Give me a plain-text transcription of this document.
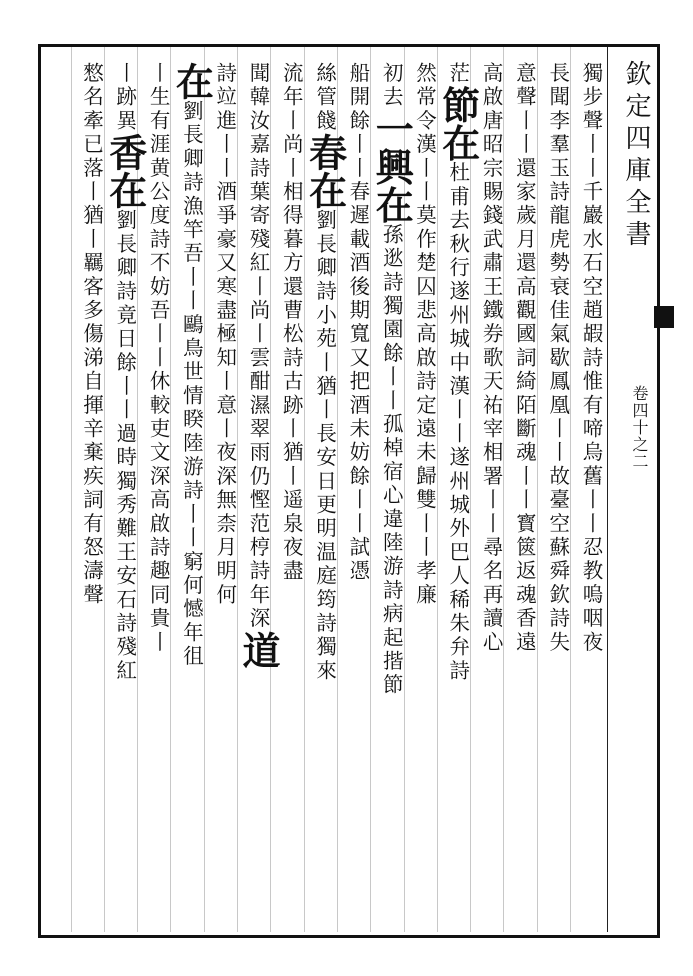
欽定四庫全書
卷四十之二
獨步聲丨丨千巖水石空趙嘏詩惟有啼烏舊丨丨忍教嗚咽夜
長聞李羣玉詩龍虎勢衰佳氣歇鳳凰丨丨故臺空蘇舜欽詩失
意聲丨丨還家歲月還高觀國詞綺陌斷魂丨丨寳篋返魂香遠
高啟唐昭宗賜錢武肅王鐵券歌天祐宰相署丨丨尋名再讀心
茫節在杜甫去秋行遂州城中漢丨丨遂州城外巴人稀朱弁詩
然常令漢丨丨莫作楚囚悲高啟詩定遠未歸雙丨丨孝廉
初去一興在孫逖詩獨園餘丨丨孤棹宿心違陸游詩病起揩節
船開餘丨丨春遲載酒後期寬又把酒未妨餘丨丨試憑
絲管餞春在劉長卿詩小苑丨猶丨長安日更明温庭筠詩獨來
流年丨尚丨相得暮方還曹松詩古跡丨猶丨遥泉夜盡
聞韓汝嘉詩葉寄殘紅丨尚丨雲酣濕翠雨仍慳范梈詩年深道
詩竝進丨丨酒爭豪又寒盡極知丨意丨夜深無柰月明何
在劉長卿詩漁竿吾丨丨鷗鳥世情睽陸游詩丨丨窮何憾年徂
丨生有涯黄公度詩不妨吾丨丨休較吏文深高啟詩趣同貴丨
丨跡異香在劉長卿詩竟日餘丨丨過時獨秀難王安石詩殘紅
憗名牽已落丨猶丨羈客多傷涕自揮辛棄疾詞有怒濤聲
